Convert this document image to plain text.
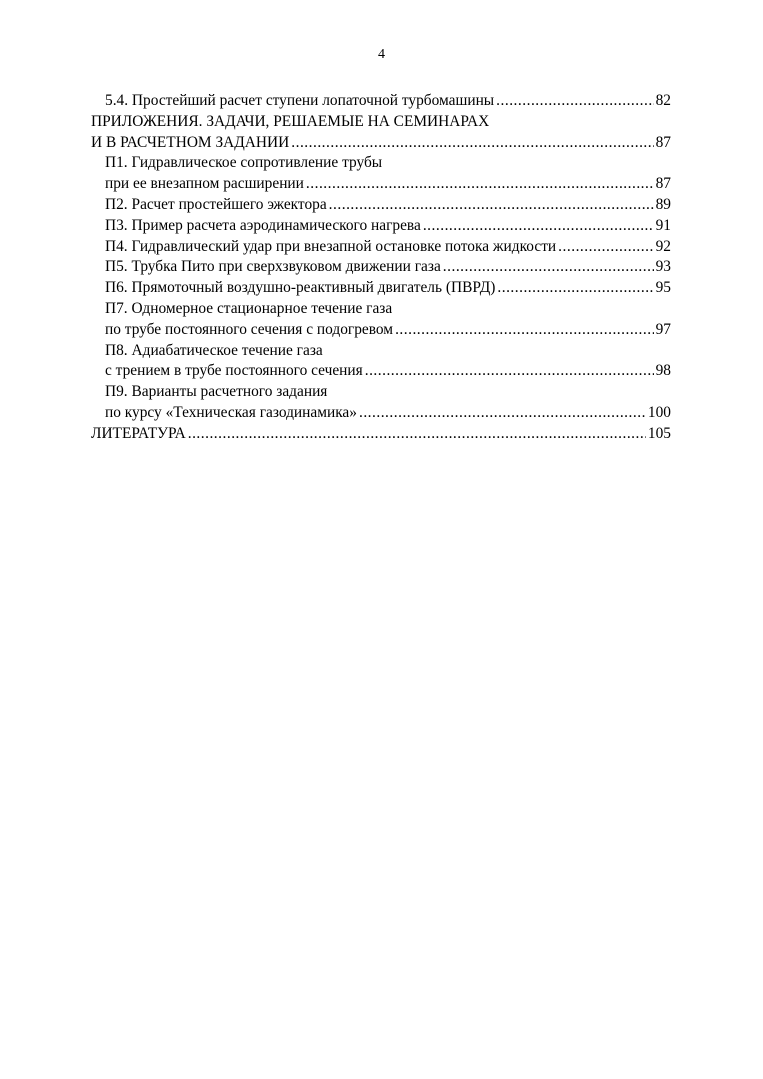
4
5.4. Простейший расчет ступени лопаточной турбомашины .....	82
ПРИЛОЖЕНИЯ. ЗАДАЧИ, РЕШАЕМЫЕ НА СЕМИНАРАХ
И В РАСЧЕТНОМ ЗАДАНИИ .....	87
П1. Гидравлическое сопротивление трубы
при ее внезапном расширении .....	87
П2. Расчет простейшего эжектора .....	89
П3. Пример расчета аэродинамического нагрева .....	91
П4. Гидравлический удар при внезапной остановке потока жидкости .....	92
П5. Трубка Пито при сверхзвуковом движении газа .....	93
П6. Прямоточный воздушно-реактивный двигатель (ПВРД) .....	95
П7. Одномерное стационарное течение газа
по трубе постоянного сечения с подогревом .....	97
П8. Адиабатическое течение газа
с трением в трубе постоянного сечения .....	98
П9. Варианты расчетного задания
по курсу «Техническая газодинамика» .....	100
ЛИТЕРАТУРА .....	105
